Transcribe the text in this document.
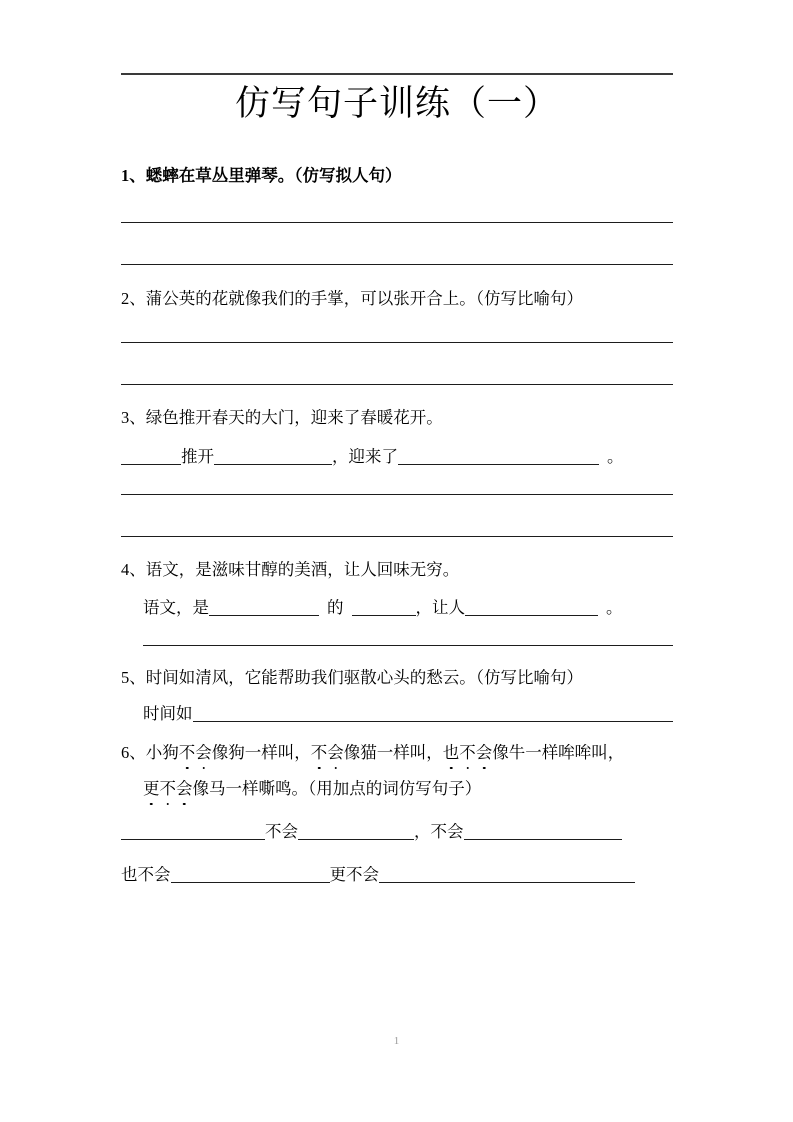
仿写句子训练（一）
1、蟋蟀在草丛里弹琴。（仿写拟人句）
2、蒲公英的花就像我们的手掌，可以张开合上。（仿写比喻句）
3、绿色推开春天的大门，迎来了春暖花开。
推开	，迎来了	。
4、语文，是滋味甘醇的美酒，让人回味无穷。
语文，是	的	，让人	。
5、时间如清风，它能帮助我们驱散心头的愁云。（仿写比喻句）
时间如
6、小狗不会像狗一样叫，不会像猫一样叫，也不会像牛一样哞哞叫，
更不会像马一样嘶鸣。（用加点的词仿写句子）
不会	，不会
也不会	更不会
1
